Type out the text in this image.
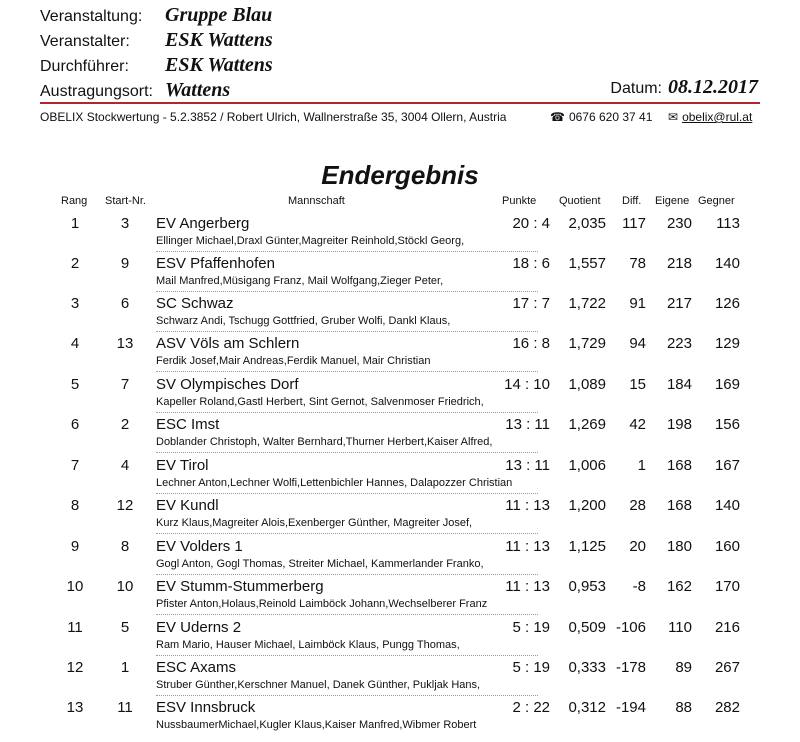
Veranstaltung:	Gruppe Blau
Veranstalter:	ESK Wattens
Durchführer:	ESK Wattens
Austragungsort: Wattens	Datum: 08.12.2017
OBELIX Stockwertung - 5.2.3852 / Robert Ulrich, Wallnerstraße 35, 3004 Ollern, Austria	☎ 0676 620 37 41 ✉ obelix@rul.at
Endergebnis
Rang Start-Nr.	Mannschaft	Punkte Quotient Diff. Eigene Gegner
1	3	EV Angerberg	20 : 4	2,035	117	230	113
Ellinger Michael,Draxl Günter,Magreiter Reinhold,Stöckl Georg,
2	9	ESV Pfaffenhofen	18 : 6	1,557	78	218	140
Mail Manfred,Müsigang Franz, Mail Wolfgang,Zieger Peter,
3	6	SC Schwaz	17 : 7	1,722	91	217	126
Schwarz Andi, Tschugg Gottfried, Gruber Wolfi, Dankl Klaus,
4	13	ASV Völs am Schlern	16 : 8	1,729	94	223	129
Ferdik Josef,Mair Andreas,Ferdik Manuel, Mair Christian
5	7	SV Olympisches Dorf	14 : 10	1,089	15	184	169
Kapeller Roland,Gastl Herbert, Sint Gernot, Salvenmoser Friedrich,
6	2	ESC Imst	13 : 11	1,269	42	198	156
Doblander Christoph, Walter Bernhard,Thurner Herbert,Kaiser Alfred,
7	4	EV Tirol	13 : 11	1,006	1	168	167
Lechner Anton,Lechner Wolfi,Lettenbichler Hannes, Dalapozzer Christian
8	12	EV Kundl	11 : 13	1,200	28	168	140
Kurz Klaus,Magreiter Alois,Exenberger Günther, Magreiter Josef,
9	8	EV Volders 1	11 : 13	1,125	20	180	160
Gogl Anton, Gogl Thomas, Streiter Michael, Kammerlander Franko,
10	10	EV Stumm-Stummerberg	11 : 13	0,953	-8	162	170
Pfister Anton,Holaus,Reinold Laimböck Johann,Wechselberer Franz
11	5	EV Uderns 2	5 : 19	0,509 -106	110	216
Ram Mario, Hauser Michael, Laimböck Klaus, Pungg Thomas,
12	1	ESC Axams	5 : 19	0,333 -178	89	267
Struber Günther,Kerschner Manuel, Danek Günther, Pukljak Hans,
13	11	ESV Innsbruck	2 : 22	0,312 -194	88	282
NussbaumerMichael,Kugler Klaus,Kaiser Manfred,Wibmer Robert
